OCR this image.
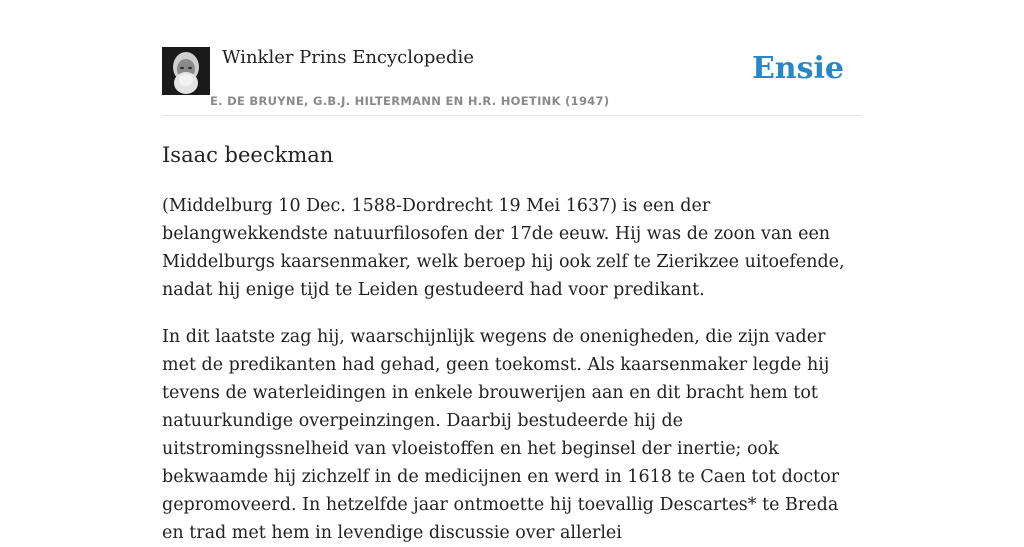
Winkler Prins Encyclopedie
E. DE BRUYNE, G.B.J. HILTERMANN EN H.R. HOETINK (1947)
Ensie
Isaac beeckman

(Middelburg 10 Dec. 1588-Dordrecht 19 Mei 1637) is een der belangwekkendste natuurfilosofen der 17de eeuw. Hij was de zoon van een Middelburgs kaarsenmaker, welk beroep hij ook zelf te Zierikzee uitoefende, nadat hij enige tijd te Leiden gestudeerd had voor predikant.

In dit laatste zag hij, waarschijnlijk wegens de onenigheden, die zijn vader met de predikanten had gehad, geen toekomst. Als kaarsenmaker legde hij tevens de waterleidingen in enkele brouwerijen aan en dit bracht hem tot natuurkundige overpeinzingen. Daarbij bestudeerde hij de uitstromingssnelheid van vloeistoffen en het beginsel der inertie; ook bekwaamde hij zichzelf in de medicijnen en werd in 1618 te Caen tot doctor gepromoveerd. In hetzelfde jaar ontmoette hij toevallig Descartes* te Breda en trad met hem in levendige discussie over allerlei
